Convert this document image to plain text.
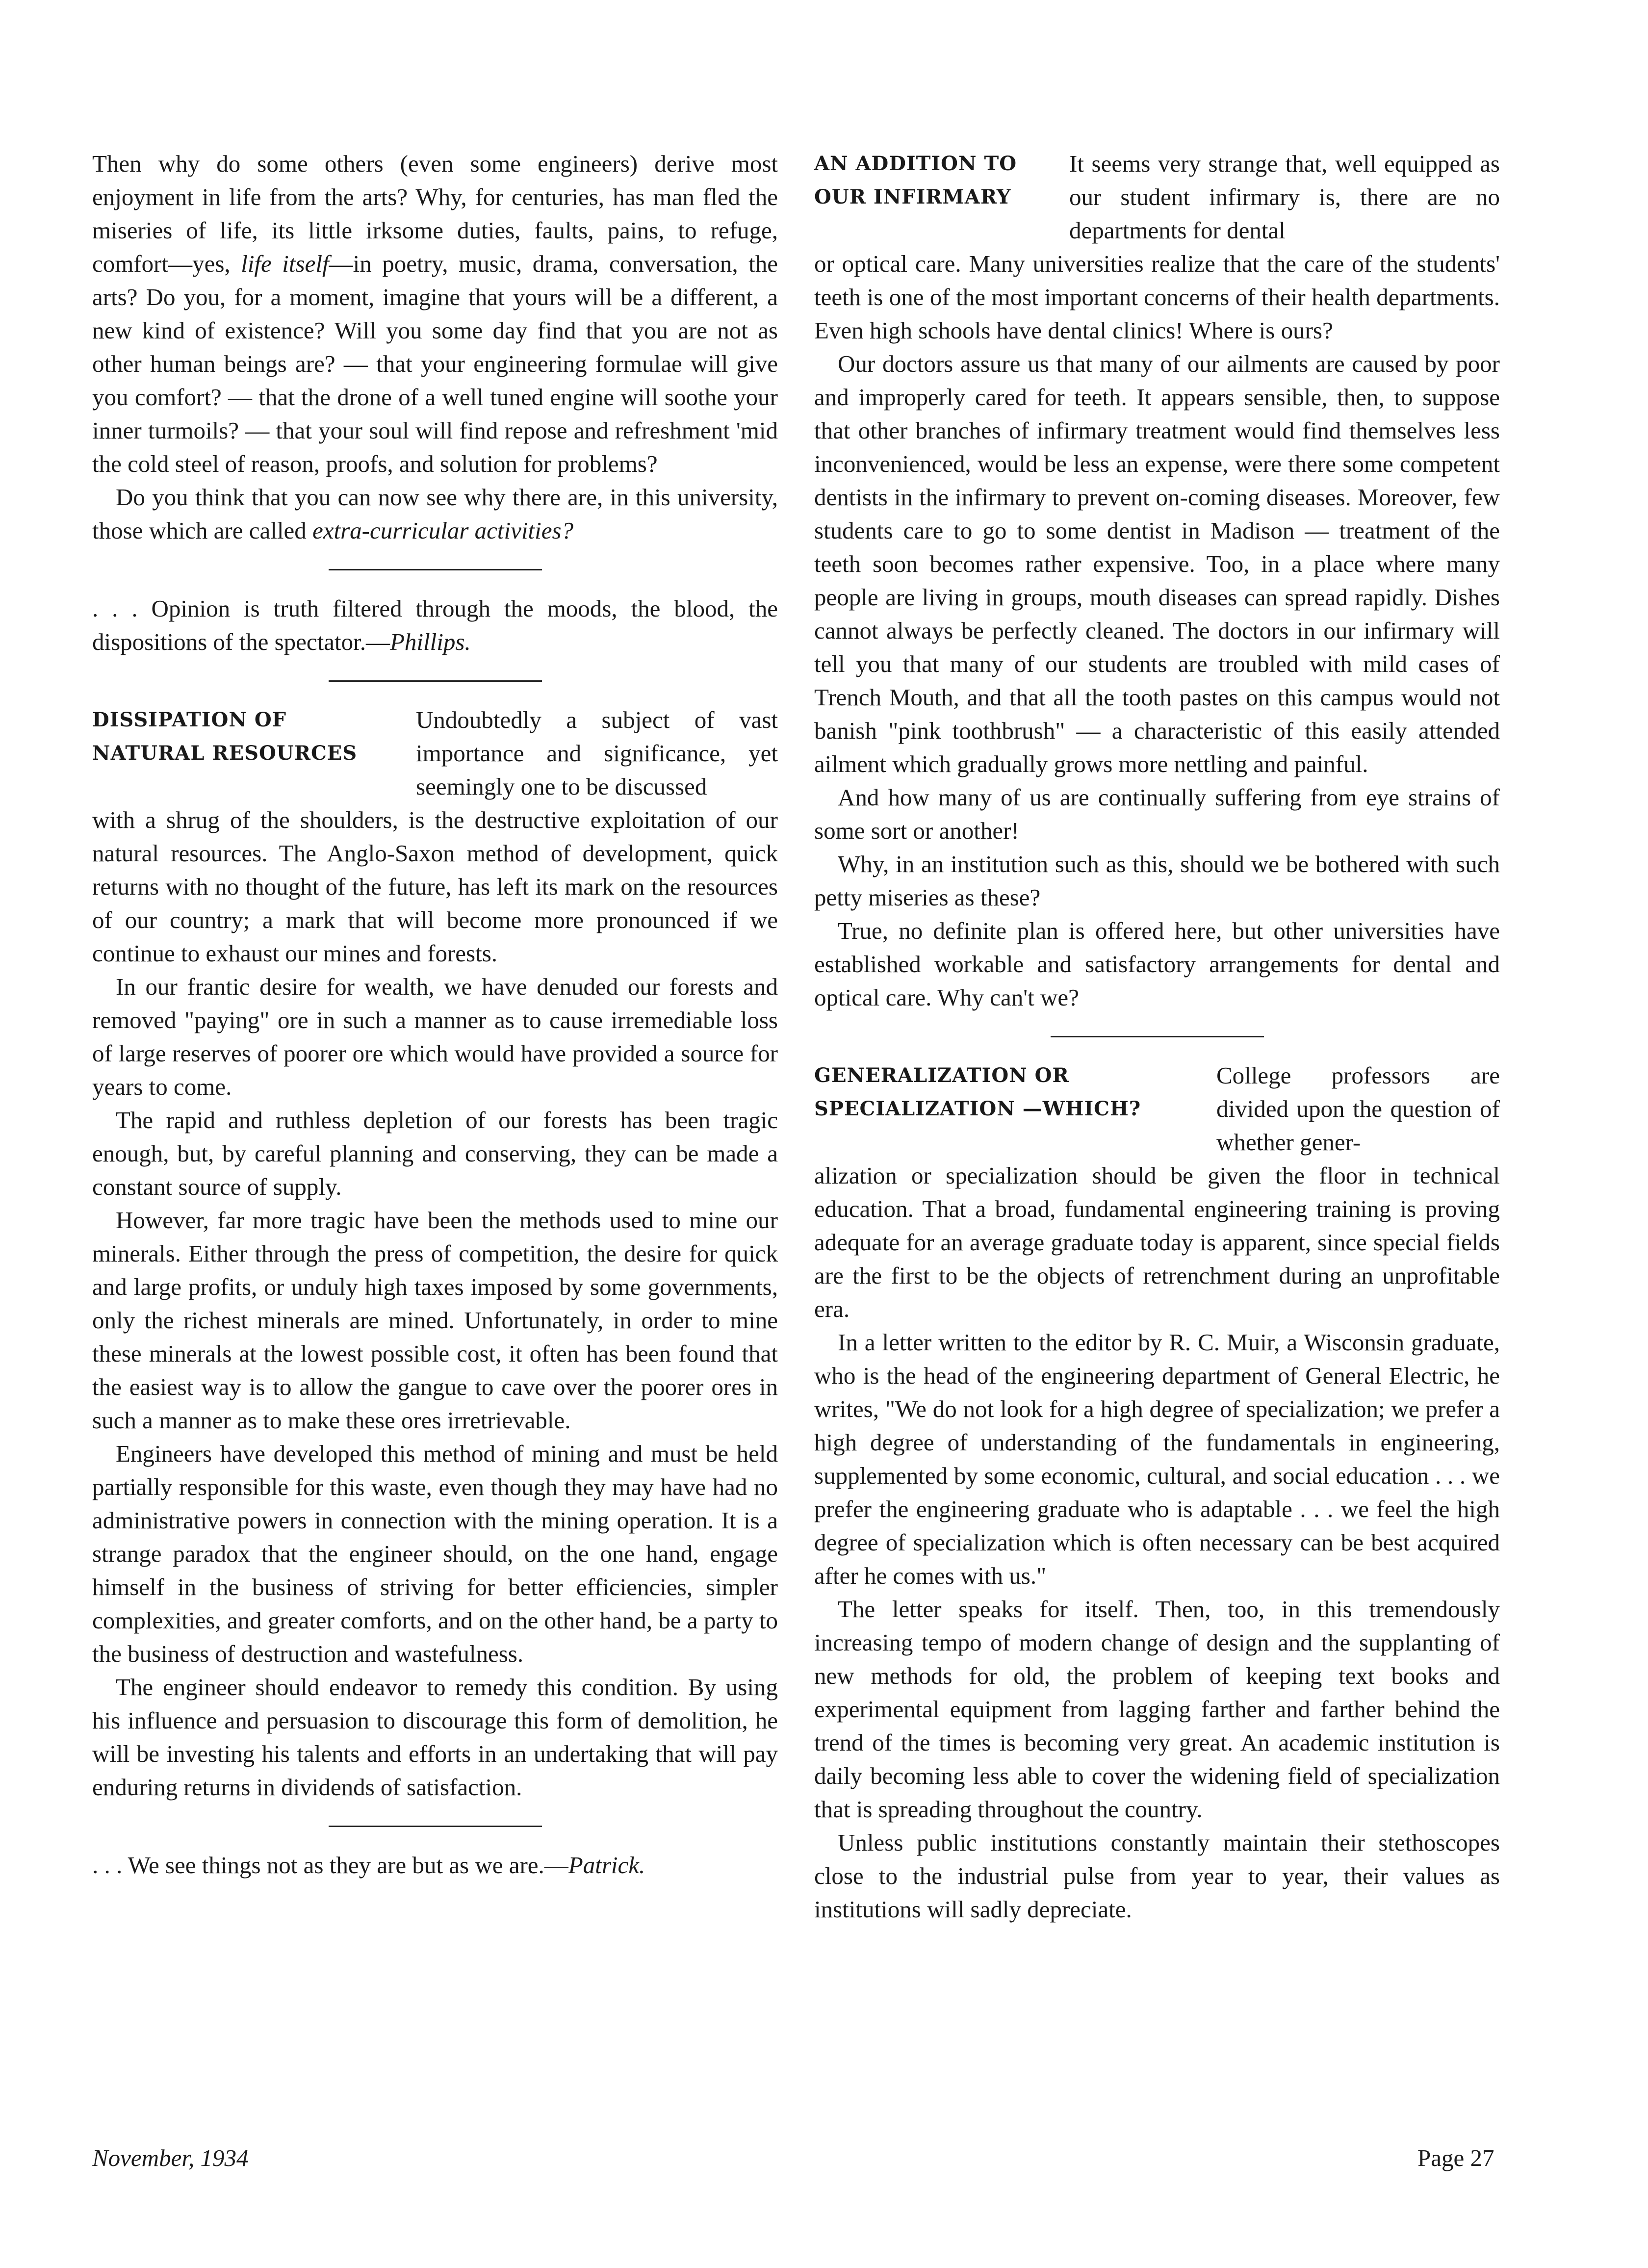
Then why do some others (even some engineers) derive most enjoyment in life from the arts? Why, for centuries, has man fled the miseries of life, its little irksome duties, faults, pains, to refuge, comfort—yes, life itself—in poetry, music, drama, conversation, the arts? Do you, for a moment, imagine that yours will be a different, a new kind of existence? Will you some day find that you are not as other human beings are? — that your engineering formulae will give you comfort? — that the drone of a well tuned engine will soothe your inner turmoils? — that your soul will find repose and refreshment 'mid the cold steel of reason, proofs, and solution for problems?

Do you think that you can now see why there are, in this university, those which are called extra-curricular activities?

. . . Opinion is truth filtered through the moods, the blood, the dispositions of the spectator.—Phillips.

DISSIPATION OF
NATURAL RESOURCES

Undoubtedly a subject of vast importance and significance, yet seemingly one to be discussed

with a shrug of the shoulders, is the destructive exploitation of our natural resources. The Anglo-Saxon method of development, quick returns with no thought of the future, has left its mark on the resources of our country; a mark that will become more pronounced if we continue to exhaust our mines and forests.

In our frantic desire for wealth, we have denuded our forests and removed "paying" ore in such a manner as to cause irremediable loss of large reserves of poorer ore which would have provided a source for years to come.

The rapid and ruthless depletion of our forests has been tragic enough, but, by careful planning and conserving, they can be made a constant source of supply.

However, far more tragic have been the methods used to mine our minerals. Either through the press of competition, the desire for quick and large profits, or unduly high taxes imposed by some governments, only the richest minerals are mined. Unfortunately, in order to mine these minerals at the lowest possible cost, it often has been found that the easiest way is to allow the gangue to cave over the poorer ores in such a manner as to make these ores irretrievable.

Engineers have developed this method of mining and must be held partially responsible for this waste, even though they may have had no administrative powers in connection with the mining operation. It is a strange paradox that the engineer should, on the one hand, engage himself in the business of striving for better efficiencies, simpler complexities, and greater comforts, and on the other hand, be a party to the business of destruction and wastefulness.

The engineer should endeavor to remedy this condition. By using his influence and persuasion to discourage this form of demolition, he will be investing his talents and efforts in an undertaking that will pay enduring returns in dividends of satisfaction.

. . . We see things not as they are but as we are.—Patrick.

AN ADDITION TO
OUR INFIRMARY

It seems very strange that, well equipped as our student infirmary is, there are no departments for dental

or optical care. Many universities realize that the care of the students' teeth is one of the most important concerns of their health departments. Even high schools have dental clinics! Where is ours?

Our doctors assure us that many of our ailments are caused by poor and improperly cared for teeth. It appears sensible, then, to suppose that other branches of infirmary treatment would find themselves less inconvenienced, would be less an expense, were there some competent dentists in the infirmary to prevent on-coming diseases. Moreover, few students care to go to some dentist in Madison — treatment of the teeth soon becomes rather expensive. Too, in a place where many people are living in groups, mouth diseases can spread rapidly. Dishes cannot always be perfectly cleaned. The doctors in our infirmary will tell you that many of our students are troubled with mild cases of Trench Mouth, and that all the tooth pastes on this campus would not banish "pink toothbrush" — a characteristic of this easily attended ailment which gradually grows more nettling and painful.

And how many of us are continually suffering from eye strains of some sort or another!

Why, in an institution such as this, should we be bothered with such petty miseries as these?

True, no definite plan is offered here, but other universities have established workable and satisfactory arrangements for dental and optical care. Why can't we?

GENERALIZATION OR
SPECIALIZATION —WHICH?

College professors are divided upon the question of whether gener-

alization or specialization should be given the floor in technical education. That a broad, fundamental engineering training is proving adequate for an average graduate today is apparent, since special fields are the first to be the objects of retrenchment during an unprofitable era.

In a letter written to the editor by R. C. Muir, a Wisconsin graduate, who is the head of the engineering department of General Electric, he writes, "We do not look for a high degree of specialization; we prefer a high degree of understanding of the fundamentals in engineering, supplemented by some economic, cultural, and social education . . . we prefer the engineering graduate who is adaptable . . . we feel the high degree of specialization which is often necessary can be best acquired after he comes with us."

The letter speaks for itself. Then, too, in this tremendously increasing tempo of modern change of design and the supplanting of new methods for old, the problem of keeping text books and experimental equipment from lagging farther and farther behind the trend of the times is becoming very great. An academic institution is daily becoming less able to cover the widening field of specialization that is spreading throughout the country.

Unless public institutions constantly maintain their stethoscopes close to the industrial pulse from year to year, their values as institutions will sadly depreciate.

November, 1934	Page 27
